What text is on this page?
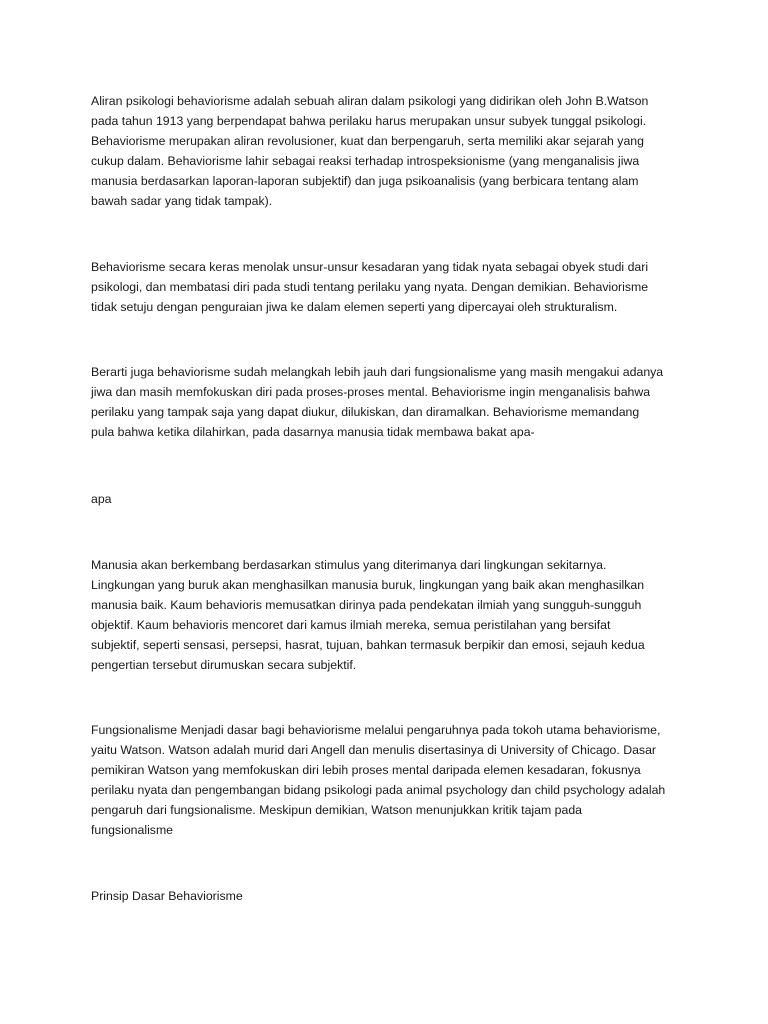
Aliran psikologi behaviorisme adalah sebuah aliran dalam psikologi yang didirikan oleh John B.Watson
pada tahun 1913 yang berpendapat bahwa perilaku harus merupakan unsur subyek tunggal psikologi.
Behaviorisme merupakan aliran revolusioner, kuat dan berpengaruh, serta memiliki akar sejarah yang
cukup dalam. Behaviorisme lahir sebagai reaksi terhadap introspeksionisme (yang menganalisis jiwa
manusia berdasarkan laporan-laporan subjektif) dan juga psikoanalisis (yang berbicara tentang alam
bawah sadar yang tidak tampak).

Behaviorisme secara keras menolak unsur-unsur kesadaran yang tidak nyata sebagai obyek studi dari
psikologi, dan membatasi diri pada studi tentang perilaku yang nyata. Dengan demikian. Behaviorisme
tidak setuju dengan penguraian jiwa ke dalam elemen seperti yang dipercayai oleh strukturalism.

Berarti juga behaviorisme sudah melangkah lebih jauh dari fungsionalisme yang masih mengakui adanya
jiwa dan masih memfokuskan diri pada proses-proses mental. Behaviorisme ingin menganalisis bahwa
perilaku yang tampak saja yang dapat diukur, dilukiskan, dan diramalkan. Behaviorisme memandang
pula bahwa ketika dilahirkan, pada dasarnya manusia tidak membawa bakat apa-

apa

Manusia akan berkembang berdasarkan stimulus yang diterimanya dari lingkungan sekitarnya.
Lingkungan yang buruk akan menghasilkan manusia buruk, lingkungan yang baik akan menghasilkan
manusia baik. Kaum behavioris memusatkan dirinya pada pendekatan ilmiah yang sungguh-sungguh
objektif. Kaum behavioris mencoret dari kamus ilmiah mereka, semua peristilahan yang bersifat
subjektif, seperti sensasi, persepsi, hasrat, tujuan, bahkan termasuk berpikir dan emosi, sejauh kedua
pengertian tersebut dirumuskan secara subjektif.

Fungsionalisme Menjadi dasar bagi behaviorisme melalui pengaruhnya pada tokoh utama behaviorisme,
yaitu Watson. Watson adalah murid dari Angell dan menulis disertasinya di University of Chicago. Dasar
pemikiran Watson yang memfokuskan diri lebih proses mental daripada elemen kesadaran, fokusnya
perilaku nyata dan pengembangan bidang psikologi pada animal psychology dan child psychology adalah
pengaruh dari fungsionalisme. Meskipun demikian, Watson menunjukkan kritik tajam pada
fungsionalisme

Prinsip Dasar Behaviorisme
